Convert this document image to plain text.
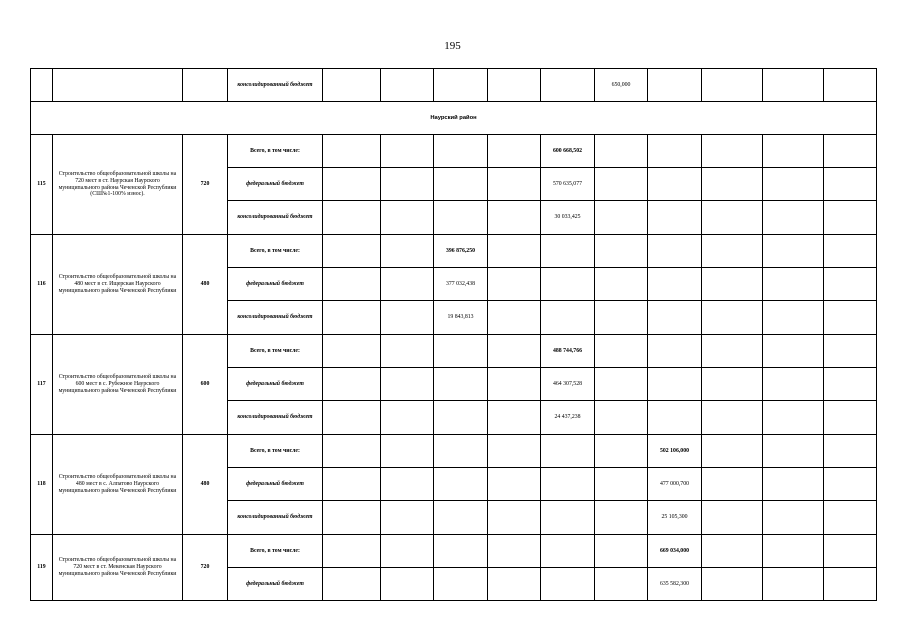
195
			консолидированный бюджет						650,000				
Наурский район													
115	Строительство общеобразовательной школы на 720 мест в ст. Наурская Наурского муниципального района Чеченской Республики (СШ№1-100% износ).	720	Всего, в том числе:					600 668,502					
			федеральный бюджет					570 635,077					
			консолидированный бюджет					30 033,425					
116	Строительство общеобразовательной школы на 480 мест в ст. Ищерская Наурского муниципального района Чеченской Республики	480	Всего, в том числе:			396 876,250							
			федеральный бюджет			377 032,438							
			консолидированный бюджет			19 843,813							
117	Строительство общеобразовательной школы на 600 мест в с. Рубежное Наурского муниципального района Чеченской Республики	600	Всего, в том числе:					488 744,766					
			федеральный бюджет					464 307,528					
			консолидированный бюджет					24 437,238					
118	Строительство общеобразовательной школы на 480 мест в с. Алпатово Наурского муниципального района Чеченской Республики	480	Всего, в том числе:							502 106,000			
			федеральный бюджет							477 000,700			
			консолидированный бюджет							25 105,300			
119	Строительство общеобразовательной школы на 720 мест в ст. Мекенская Наурского муниципального района Чеченской Республики	720	Всего, в том числе:							669 034,000			
			федеральный бюджет							635 582,300			
